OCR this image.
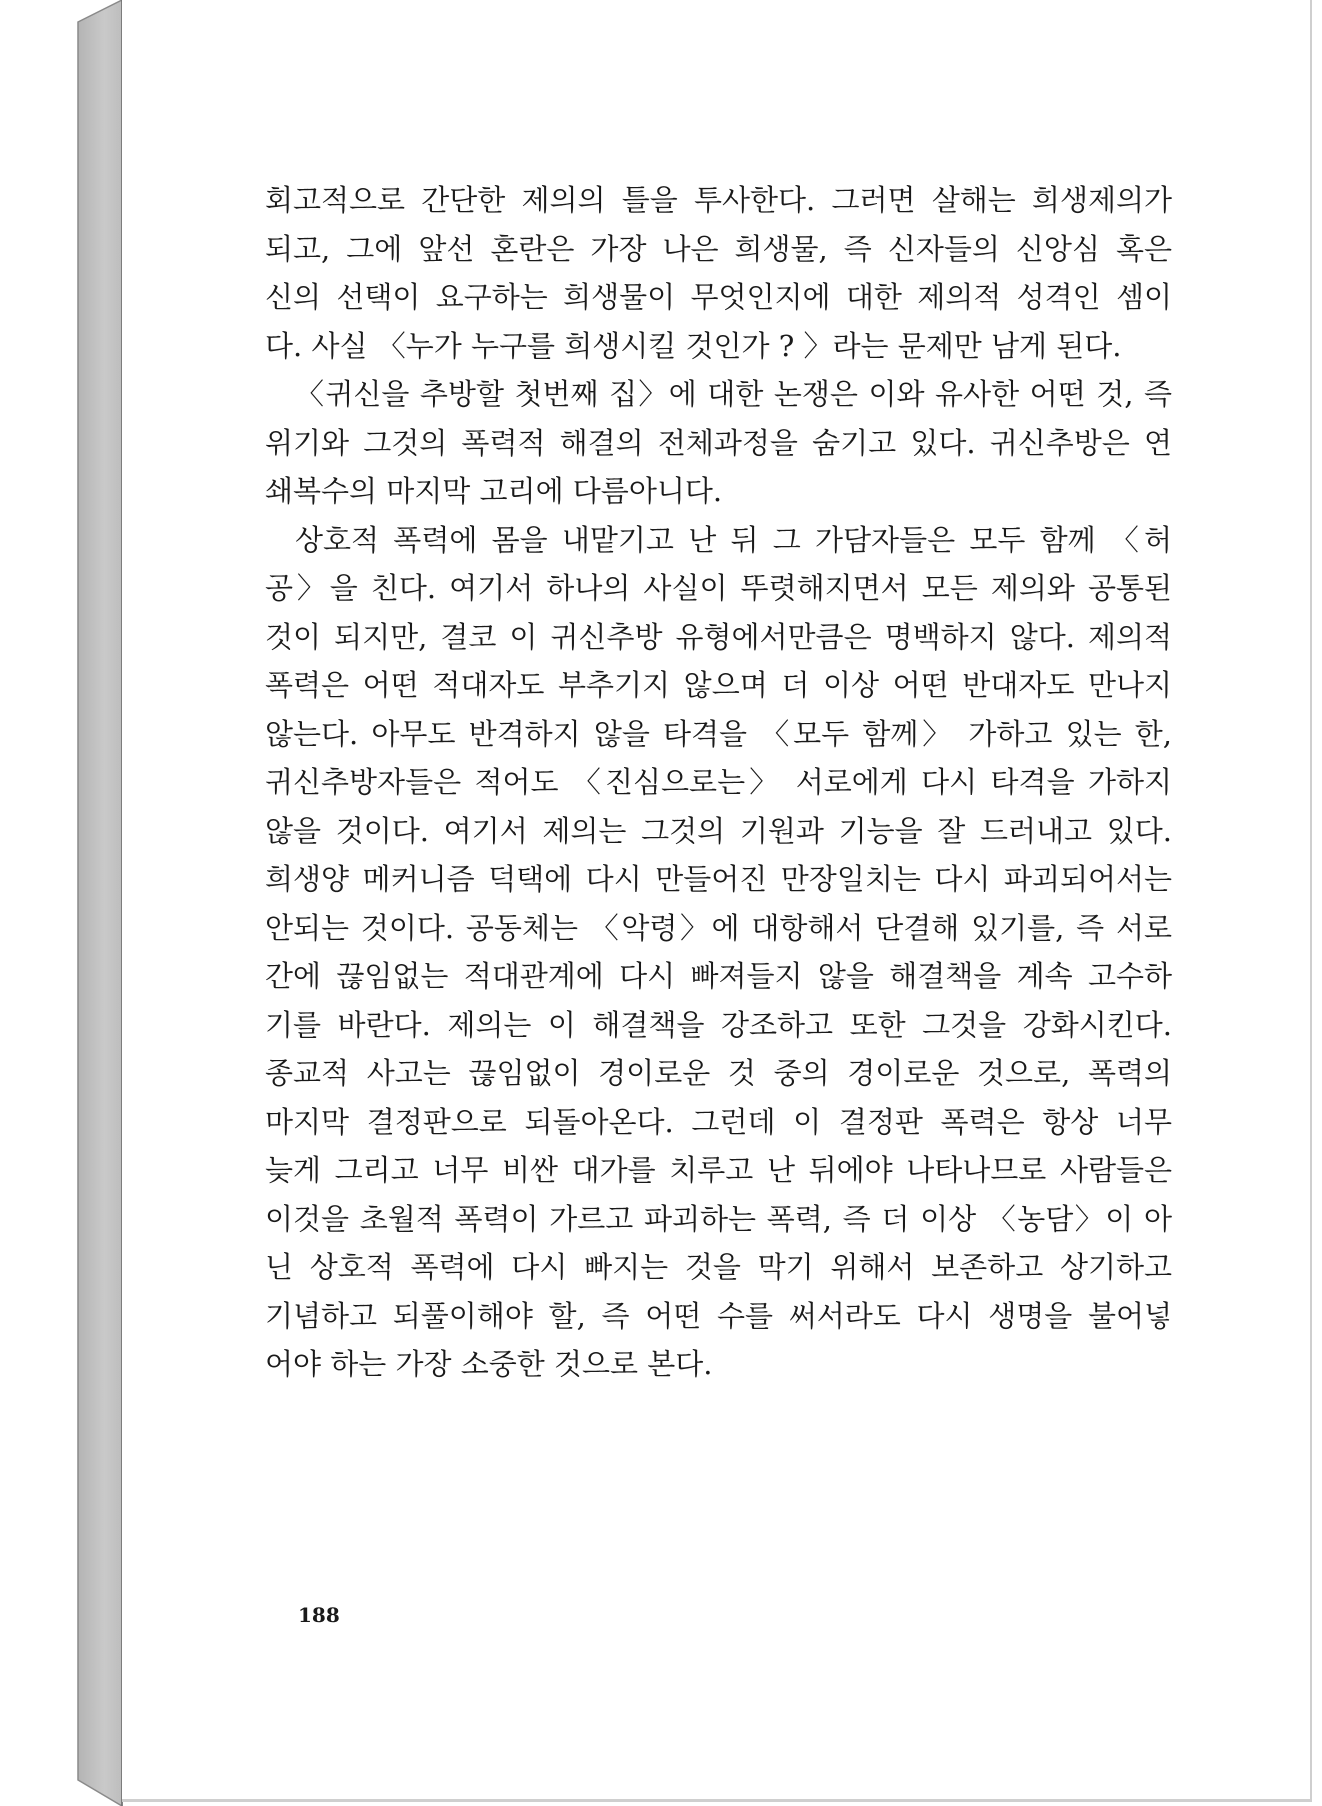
회고적으로 간단한 제의의 틀을 투사한다. 그러면 살해는 희생제의가
되고, 그에 앞선 혼란은 가장 나은 희생물, 즉 신자들의 신앙심 혹은
신의 선택이 요구하는 희생물이 무엇인지에 대한 제의적 성격인 셈이
다. 사실 〈누가 누구를 희생시킬 것인가 ? 〉라는 문제만 남게 된다.
〈귀신을 추방할 첫번째 집〉에 대한 논쟁은 이와 유사한 어떤 것, 즉
위기와 그것의 폭력적 해결의 전체과정을 숨기고 있다. 귀신추방은 연
쇄복수의 마지막 고리에 다름아니다.
상호적 폭력에 몸을 내맡기고 난 뒤 그 가담자들은 모두 함께 〈허
공〉을 친다. 여기서 하나의 사실이 뚜렷해지면서 모든 제의와 공통된
것이 되지만, 결코 이 귀신추방 유형에서만큼은 명백하지 않다. 제의적
폭력은 어떤 적대자도 부추기지 않으며 더 이상 어떤 반대자도 만나지
않는다. 아무도 반격하지 않을 타격을 〈모두 함께〉 가하고 있는 한,
귀신추방자들은 적어도 〈진심으로는〉 서로에게 다시 타격을 가하지
않을 것이다. 여기서 제의는 그것의 기원과 기능을 잘 드러내고 있다.
희생양 메커니즘 덕택에 다시 만들어진 만장일치는 다시 파괴되어서는
안되는 것이다. 공동체는 〈악령〉에 대항해서 단결해 있기를, 즉 서로
간에 끊임없는 적대관계에 다시 빠져들지 않을 해결책을 계속 고수하
기를 바란다. 제의는 이 해결책을 강조하고 또한 그것을 강화시킨다.
종교적 사고는 끊임없이 경이로운 것 중의 경이로운 것으로, 폭력의
마지막 결정판으로 되돌아온다. 그런데 이 결정판 폭력은 항상 너무
늦게 그리고 너무 비싼 대가를 치루고 난 뒤에야 나타나므로 사람들은
이것을 초월적 폭력이 가르고 파괴하는 폭력, 즉 더 이상 〈농담〉이 아
닌 상호적 폭력에 다시 빠지는 것을 막기 위해서 보존하고 상기하고
기념하고 되풀이해야 할, 즉 어떤 수를 써서라도 다시 생명을 불어넣
어야 하는 가장 소중한 것으로 본다.
188
